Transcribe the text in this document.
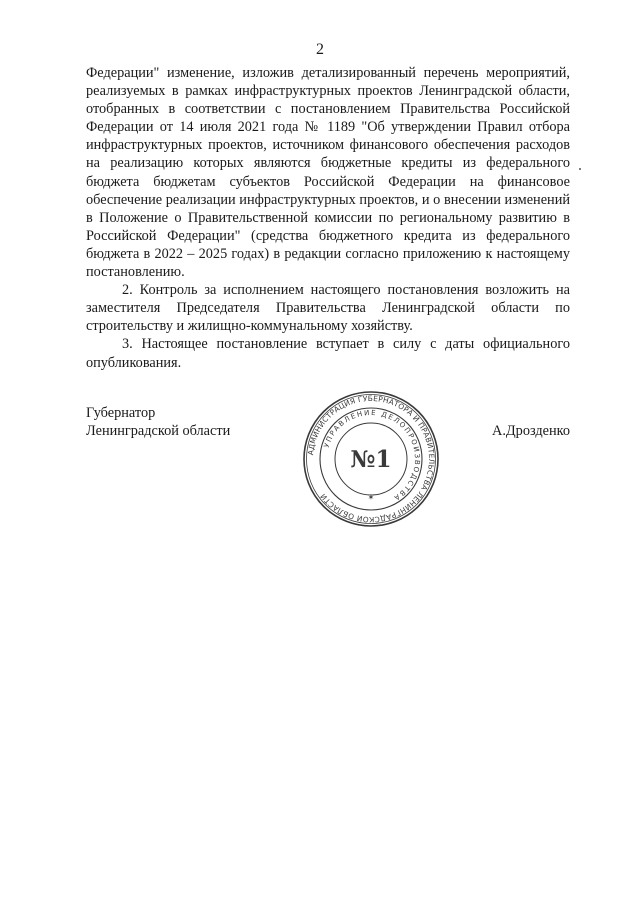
2

Федерации" изменение, изложив детализированный перечень мероприятий, реализуемых в рамках инфраструктурных проектов Ленинградской области, отобранных в соответствии с постановлением Правительства Российской Федерации от 14 июля 2021 года № 1189 "Об утверждении Правил отбора инфраструктурных проектов, источником финансового обеспечения расходов на реализацию которых являются бюджетные кредиты из федерального бюджета бюджетам субъектов Российской Федерации на финансовое обеспечение реализации инфраструктурных проектов, и о внесении изменений в Положение о Правительственной комиссии по региональному развитию в Российской Федерации" (средства бюджетного кредита из федерального бюджета в 2022 – 2025 годах) в редакции согласно приложению к настоящему постановлению.

2. Контроль за исполнением настоящего постановления возложить на заместителя Председателя Правительства Ленинградской области по строительству и жилищно-коммунальному хозяйству.

3. Настоящее постановление вступает в силу с даты официального опубликования.

Губернатор
Ленинградской области	А.Дрозденко
АДМИНИСТРАЦИЯ ГУБЕРНАТОРА И ПРАВИТЕЛЬСТВА ЛЕНИНГРАДСКОЙ ОБЛАСТИ
УПРАВЛЕНИЕ ДЕЛОПРОИЗВОДСТВА
№1
✶
